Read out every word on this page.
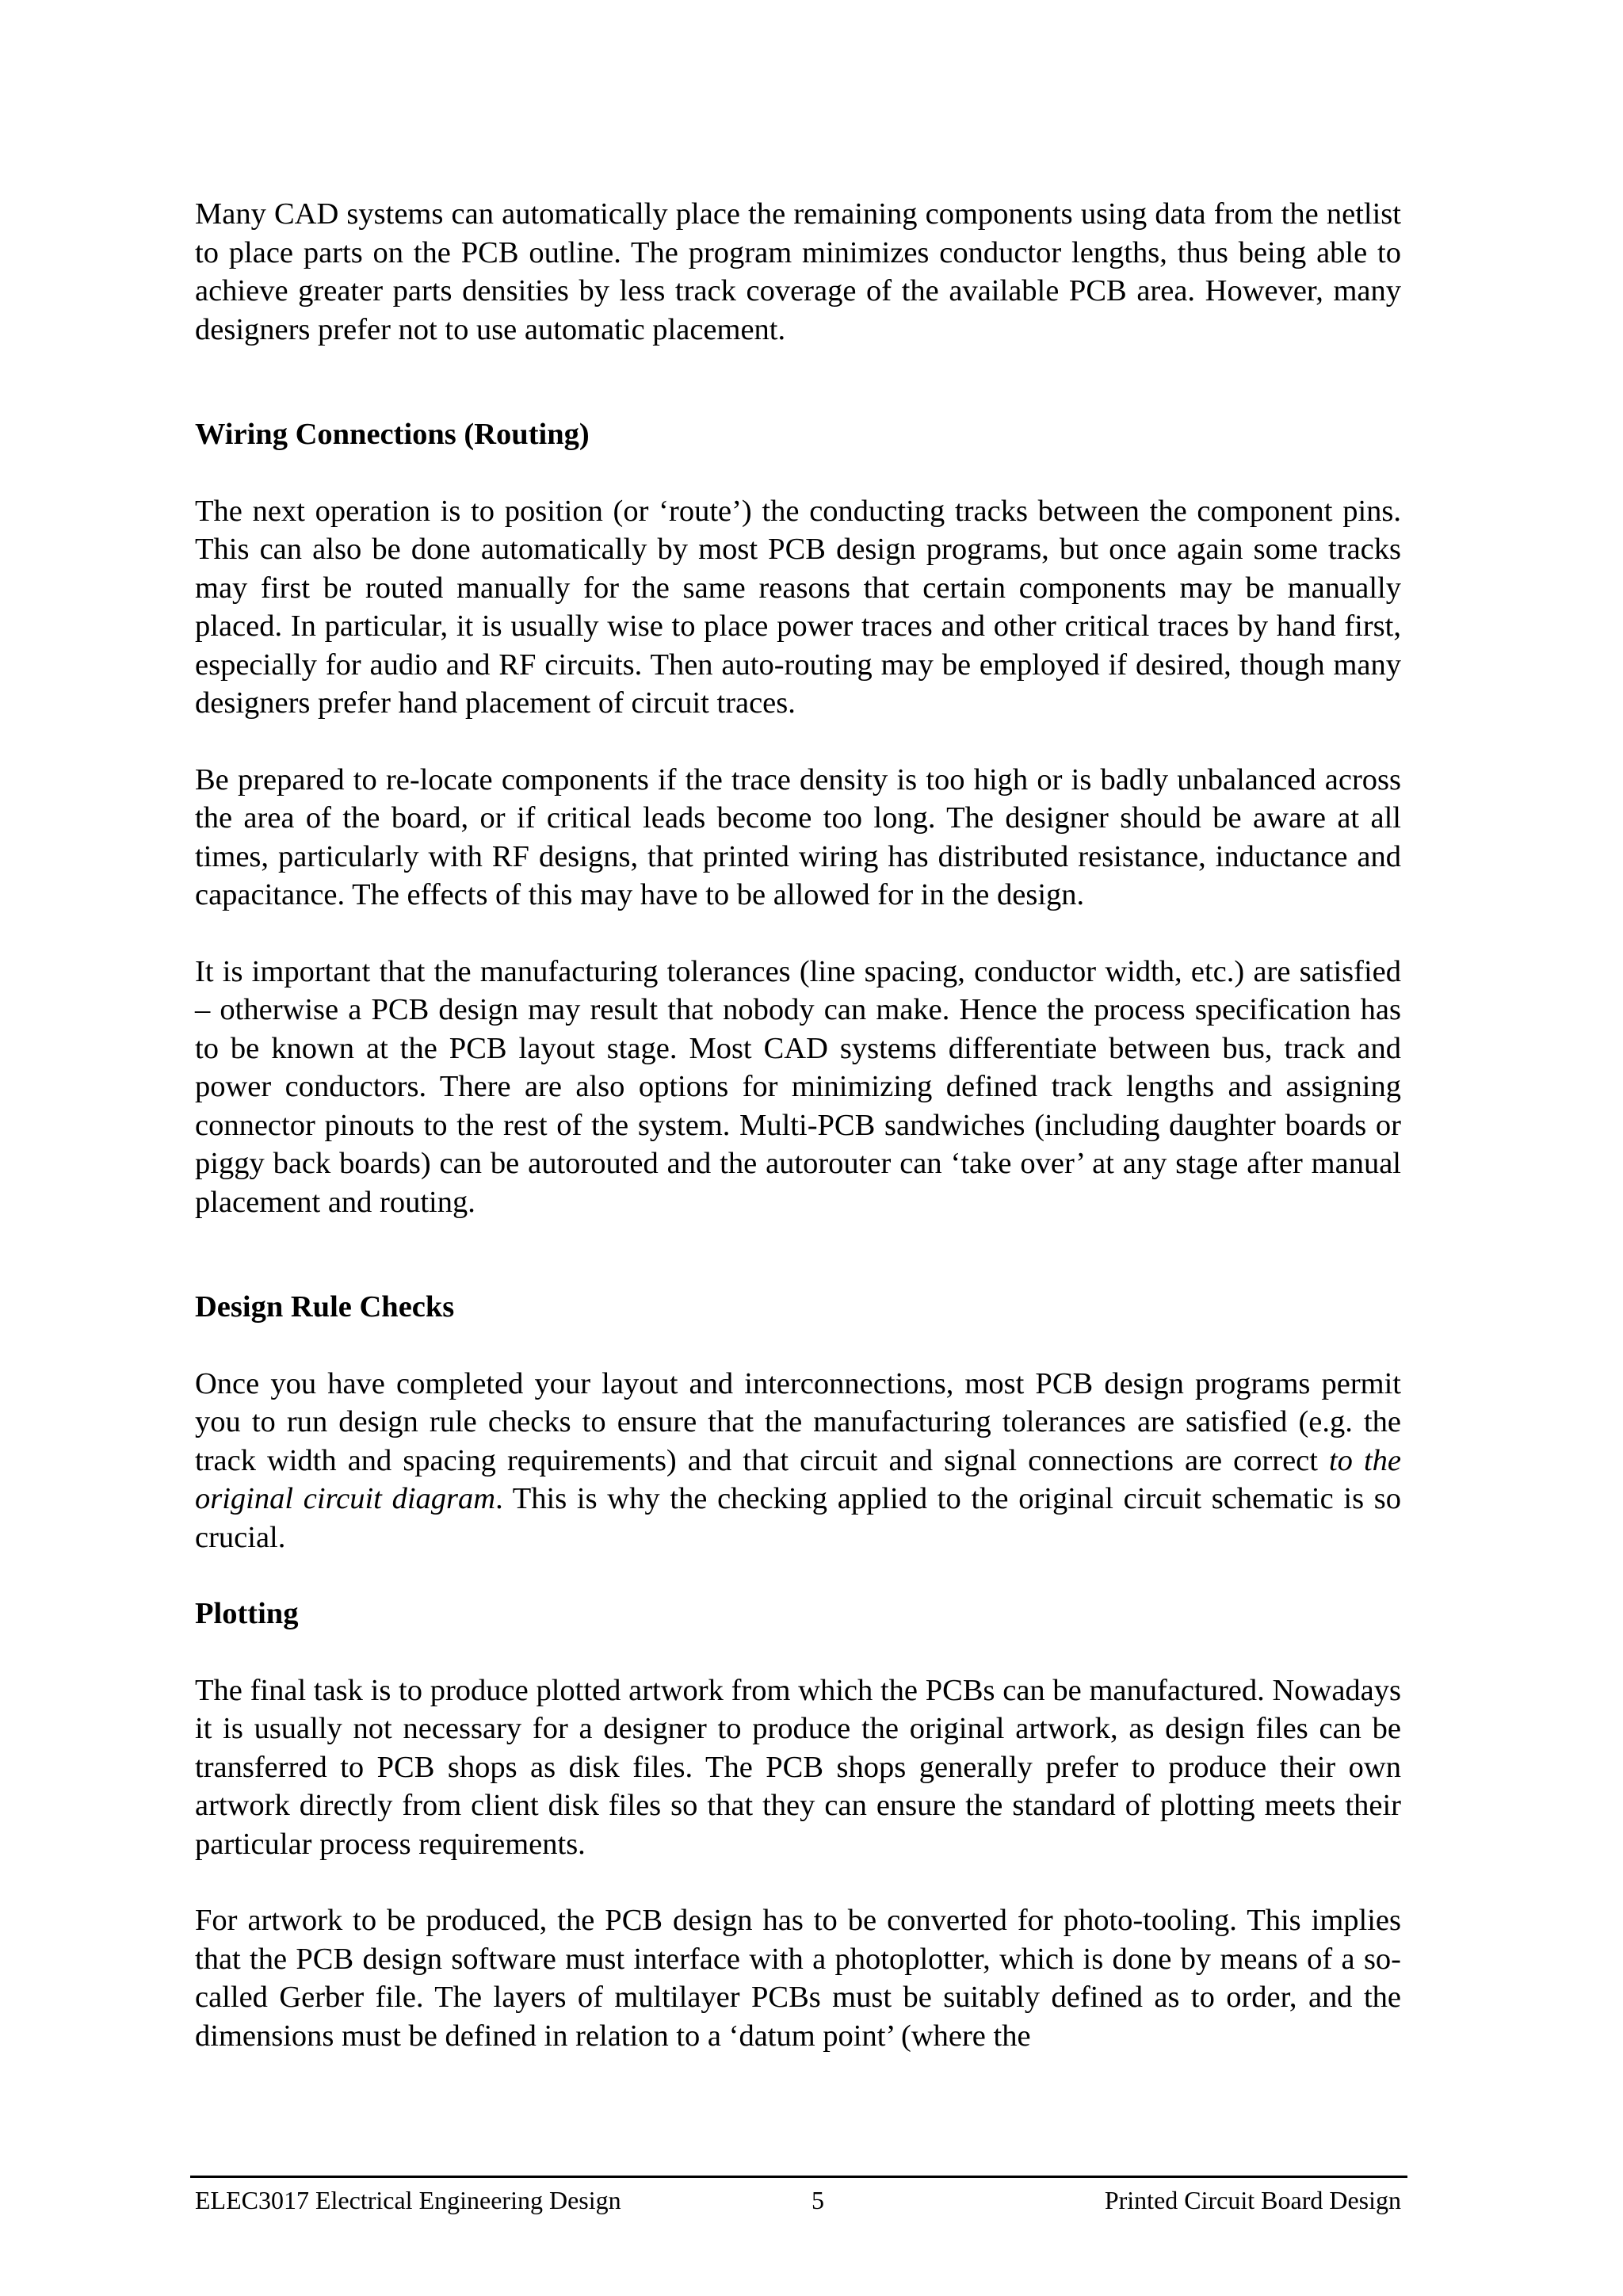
Many CAD systems can automatically place the remaining components using data from the netlist to place parts on the PCB outline. The program minimizes conductor lengths, thus being able to achieve greater parts densities by less track coverage of the available PCB area. However, many designers prefer not to use automatic placement.

Wiring Connections (Routing)

The next operation is to position (or ‘route’) the conducting tracks between the component pins. This can also be done automatically by most PCB design programs, but once again some tracks may first be routed manually for the same reasons that certain components may be manually placed. In particular, it is usually wise to place power traces and other critical traces by hand first, especially for audio and RF circuits. Then auto-routing may be employed if desired, though many designers prefer hand placement of circuit traces.

Be prepared to re-locate components if the trace density is too high or is badly unbalanced across the area of the board, or if critical leads become too long. The designer should be aware at all times, particularly with RF designs, that printed wiring has distributed resistance, inductance and capacitance. The effects of this may have to be allowed for in the design.

It is important that the manufacturing tolerances (line spacing, conductor width, etc.) are satisfied – otherwise a PCB design may result that nobody can make. Hence the process specification has to be known at the PCB layout stage. Most CAD systems differentiate between bus, track and power conductors. There are also options for minimizing defined track lengths and assigning connector pinouts to the rest of the system. Multi-PCB sandwiches (including daughter boards or piggy back boards) can be autorouted and the autorouter can ‘take over’ at any stage after manual placement and routing.

Design Rule Checks

Once you have completed your layout and interconnections, most PCB design programs permit you to run design rule checks to ensure that the manufacturing tolerances are satisfied (e.g. the track width and spacing requirements) and that circuit and signal connections are correct to the original circuit diagram. This is why the checking applied to the original circuit schematic is so crucial.

Plotting

The final task is to produce plotted artwork from which the PCBs can be manufactured. Nowadays it is usually not necessary for a designer to produce the original artwork, as design files can be transferred to PCB shops as disk files. The PCB shops generally prefer to produce their own artwork directly from client disk files so that they can ensure the standard of plotting meets their particular process requirements.

For artwork to be produced, the PCB design has to be converted for photo-tooling. This implies that the PCB design software must interface with a photoplotter, which is done by means of a so-called Gerber file. The layers of multilayer PCBs must be suitably defined as to order, and the dimensions must be defined in relation to a ‘datum point’ (where the

ELEC3017 Electrical Engineering Design	5	Printed Circuit Board Design
